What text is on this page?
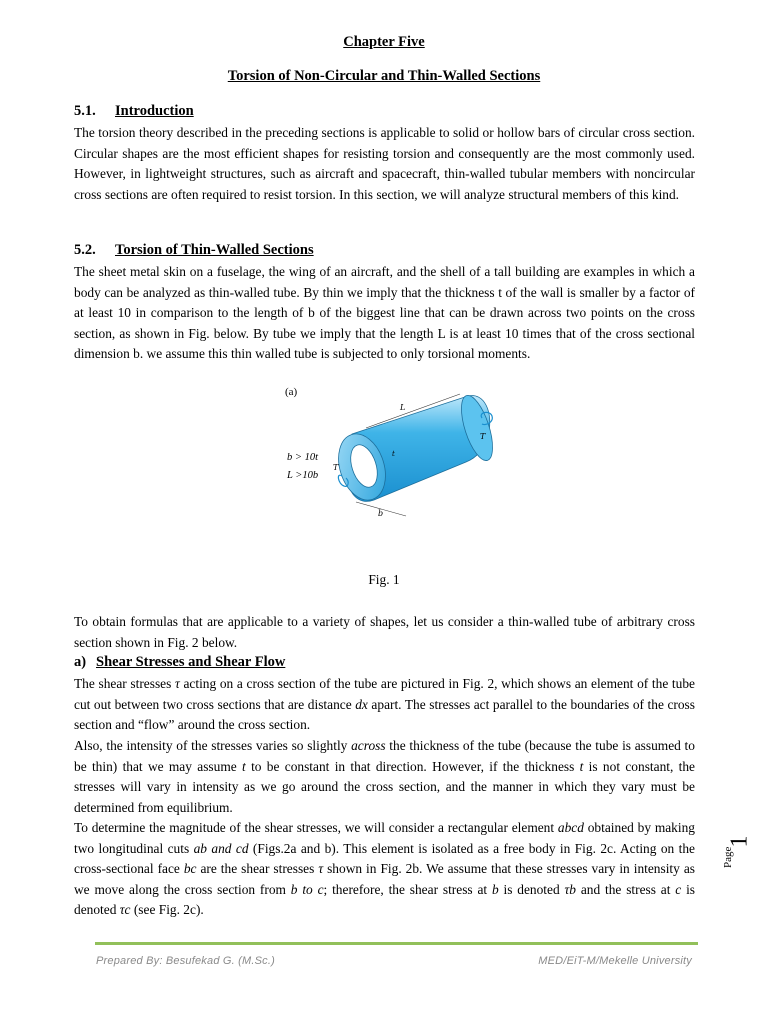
Chapter Five
Torsion of Non-Circular and Thin-Walled Sections
5.1. Introduction
The torsion theory described in the preceding sections is applicable to solid or hollow bars of circular cross section. Circular shapes are the most efficient shapes for resisting torsion and consequently are the most commonly used. However, in lightweight structures, such as aircraft and spacecraft, thin-walled tubular members with noncircular cross sections are often required to resist torsion. In this section, we will analyze structural members of this kind.
5.2. Torsion of Thin-Walled Sections
The sheet metal skin on a fuselage, the wing of an aircraft, and the shell of a tall building are examples in which a body can be analyzed as thin-walled tube. By thin we imply that the thickness t of the wall is smaller by a factor of at least 10 in comparison to the length of b of the biggest line that can be drawn across two points on the cross section, as shown in Fig. below. By tube we imply that the length L is at least 10 times that of the cross sectional dimension b. we assume this thin walled tube is subjected to only torsional moments.
(a)
b > 10t
L >10b
L
b
t
T
T
Fig. 1
To obtain formulas that are applicable to a variety of shapes, let us consider a thin-walled tube of arbitrary cross section shown in Fig. 2 below.
a) Shear Stresses and Shear Flow
The shear stresses τ acting on a cross section of the tube are pictured in Fig. 2, which shows an element of the tube cut out between two cross sections that are distance dx apart. The stresses act parallel to the boundaries of the cross section and “flow” around the cross section.
Also, the intensity of the stresses varies so slightly across the thickness of the tube (because the tube is assumed to be thin) that we may assume t to be constant in that direction. However, if the thickness t is not constant, the stresses will vary in intensity as we go around the cross section, and the manner in which they vary must be determined from equilibrium.
To determine the magnitude of the shear stresses, we will consider a rectangular element abcd obtained by making two longitudinal cuts ab and cd (Figs.2a and b). This element is isolated as a free body in Fig. 2c. Acting on the cross-sectional face bc are the shear stresses τ shown in Fig. 2b. We assume that these stresses vary in intensity as we move along the cross section from b to c; therefore, the shear stress at b is denoted τb and the stress at c is denoted τc (see Fig. 2c).
Page
1
Prepared By: Besufekad G. (M.Sc.)	MED/EiT-M/Mekelle University
